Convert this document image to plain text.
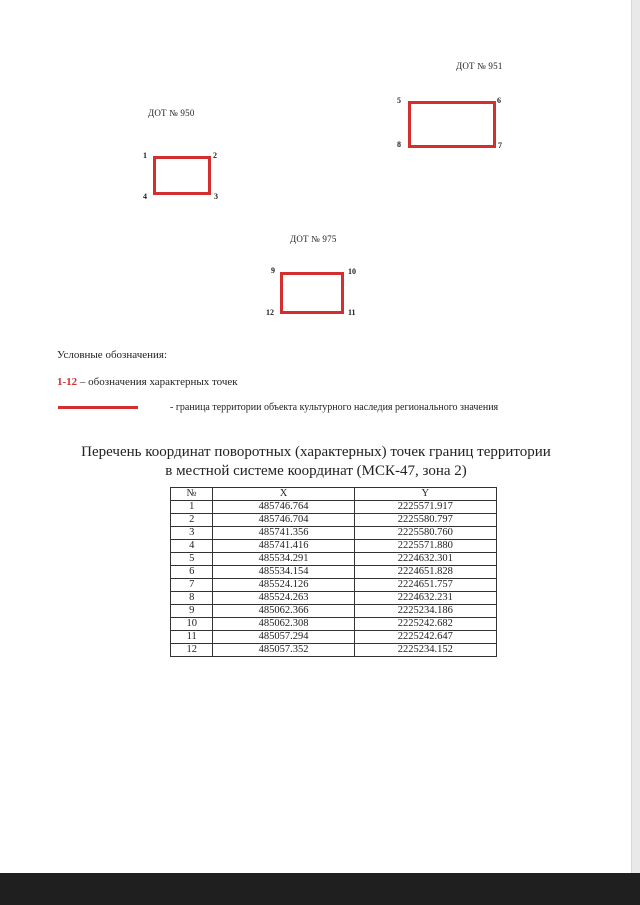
ДОТ № 951
5	6
7
8
ДОТ № 950
1	2
3
4
ДОТ № 975
9	10
11
12
Условные обозначения:
1-12 – обозначения характерных точек
- граница территории объекта культурного наследия регионального значения
Перечень координат поворотных (характерных) точек границ территории
в местной системе координат (МСК-47, зона 2)
№	X	Y
1	485746.764	2225571.917
2	485746.704	2225580.797
3	485741.356	2225580.760
4	485741.416	2225571.880
5	485534.291	2224632.301
6	485534.154	2224651.828
7	485524.126	2224651.757
8	485524.263	2224632.231
9	485062.366	2225234.186
10	485062.308	2225242.682
11	485057.294	2225242.647
12	485057.352	2225234.152
